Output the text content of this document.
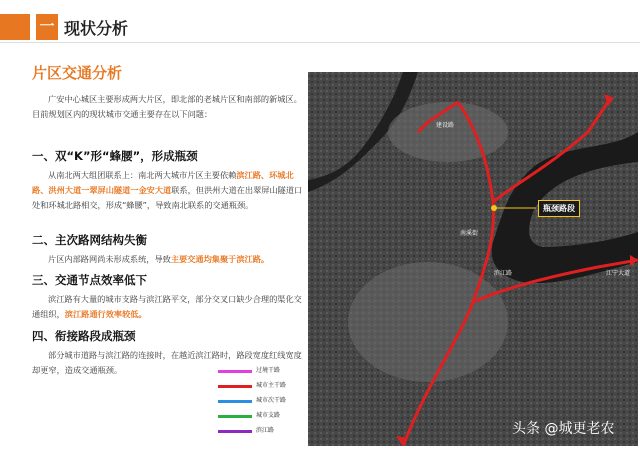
一 现状分析
片区交通分析
广安中心城区主要形成两大片区，即北部的老城片区和南部的新城区。目前规划区内的现状城市交通主要存在以下问题：
一、双“K”形“蜂腰”，形成瓶颈
从南北两大组团联系上：南北两大城市片区主要依赖滨江路、环城北路、洪州大道一翠屏山隧道一金安大道联系，但洪州大道在出翠屏山隧道口处和环城北路相交，形成“蜂腰”，导致南北联系的交通瓶颈。
二、主次路网结构失衡
片区内部路网尚未形成系统，导致主要交通均集聚于滨江路。
三、交通节点效率低下
滨江路有大量的城市支路与滨江路平交，部分交叉口缺少合理的渠化交通组织，滨江路通行效率较低。
四、衔接路段成瓶颈
部分城市道路与滨江路的连接时，在越近滨江路时，路段宽度红线宽度却更窄，造成交通瓶颈。	过境干路
城市主干路
城市次干路
城市支路
滨江路
瓶颈路段
建设路
南溪街
滨江路	江宁大道
头条 @城更老农
